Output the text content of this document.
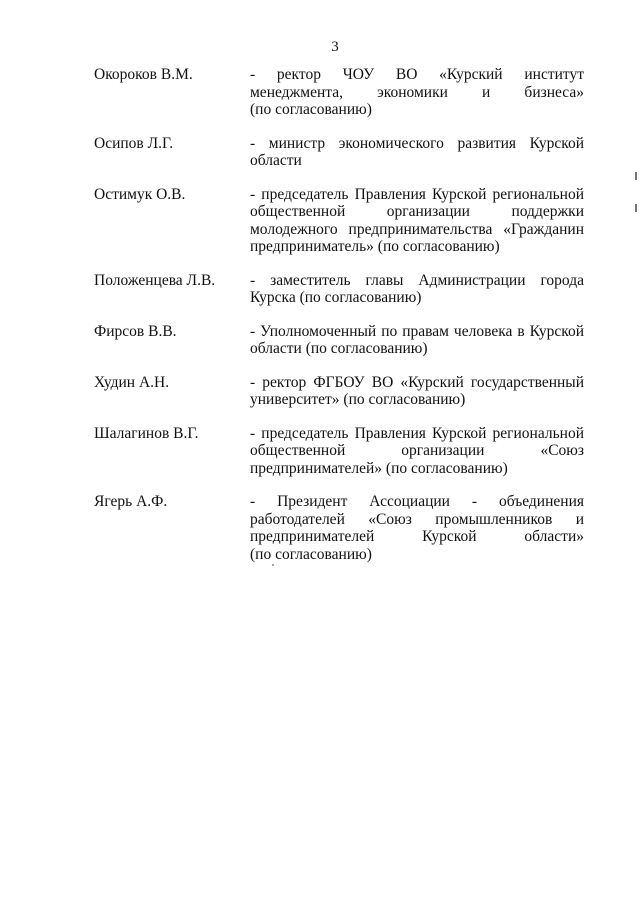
3
Окороков В.М.	- ректор ЧОУ ВО «Курский институт
менеджмента, экономики и бизнеса»
(по согласованию)
Осипов Л.Г.	- министр экономического развития Курской
области
Остимук О.В.	- председатель Правления Курской региональной
общественной организации поддержки
молодежного предпринимательства «Гражданин
предприниматель» (по согласованию)
Положенцева Л.В.	- заместитель главы Администрации города
Курска (по согласованию)
Фирсов В.В.	- Уполномоченный по правам человека в Курской
области (по согласованию)
Худин А.Н.	- ректор ФГБОУ ВО «Курский государственный
университет» (по согласованию)
Шалагинов В.Г.	- председатель Правления Курской региональной
общественной организации «Союз
предпринимателей» (по согласованию)
Ягерь А.Ф.	- Президент Ассоциации - объединения
работодателей «Союз промышленников и
предпринимателей Курской области»
(по согласованию)
